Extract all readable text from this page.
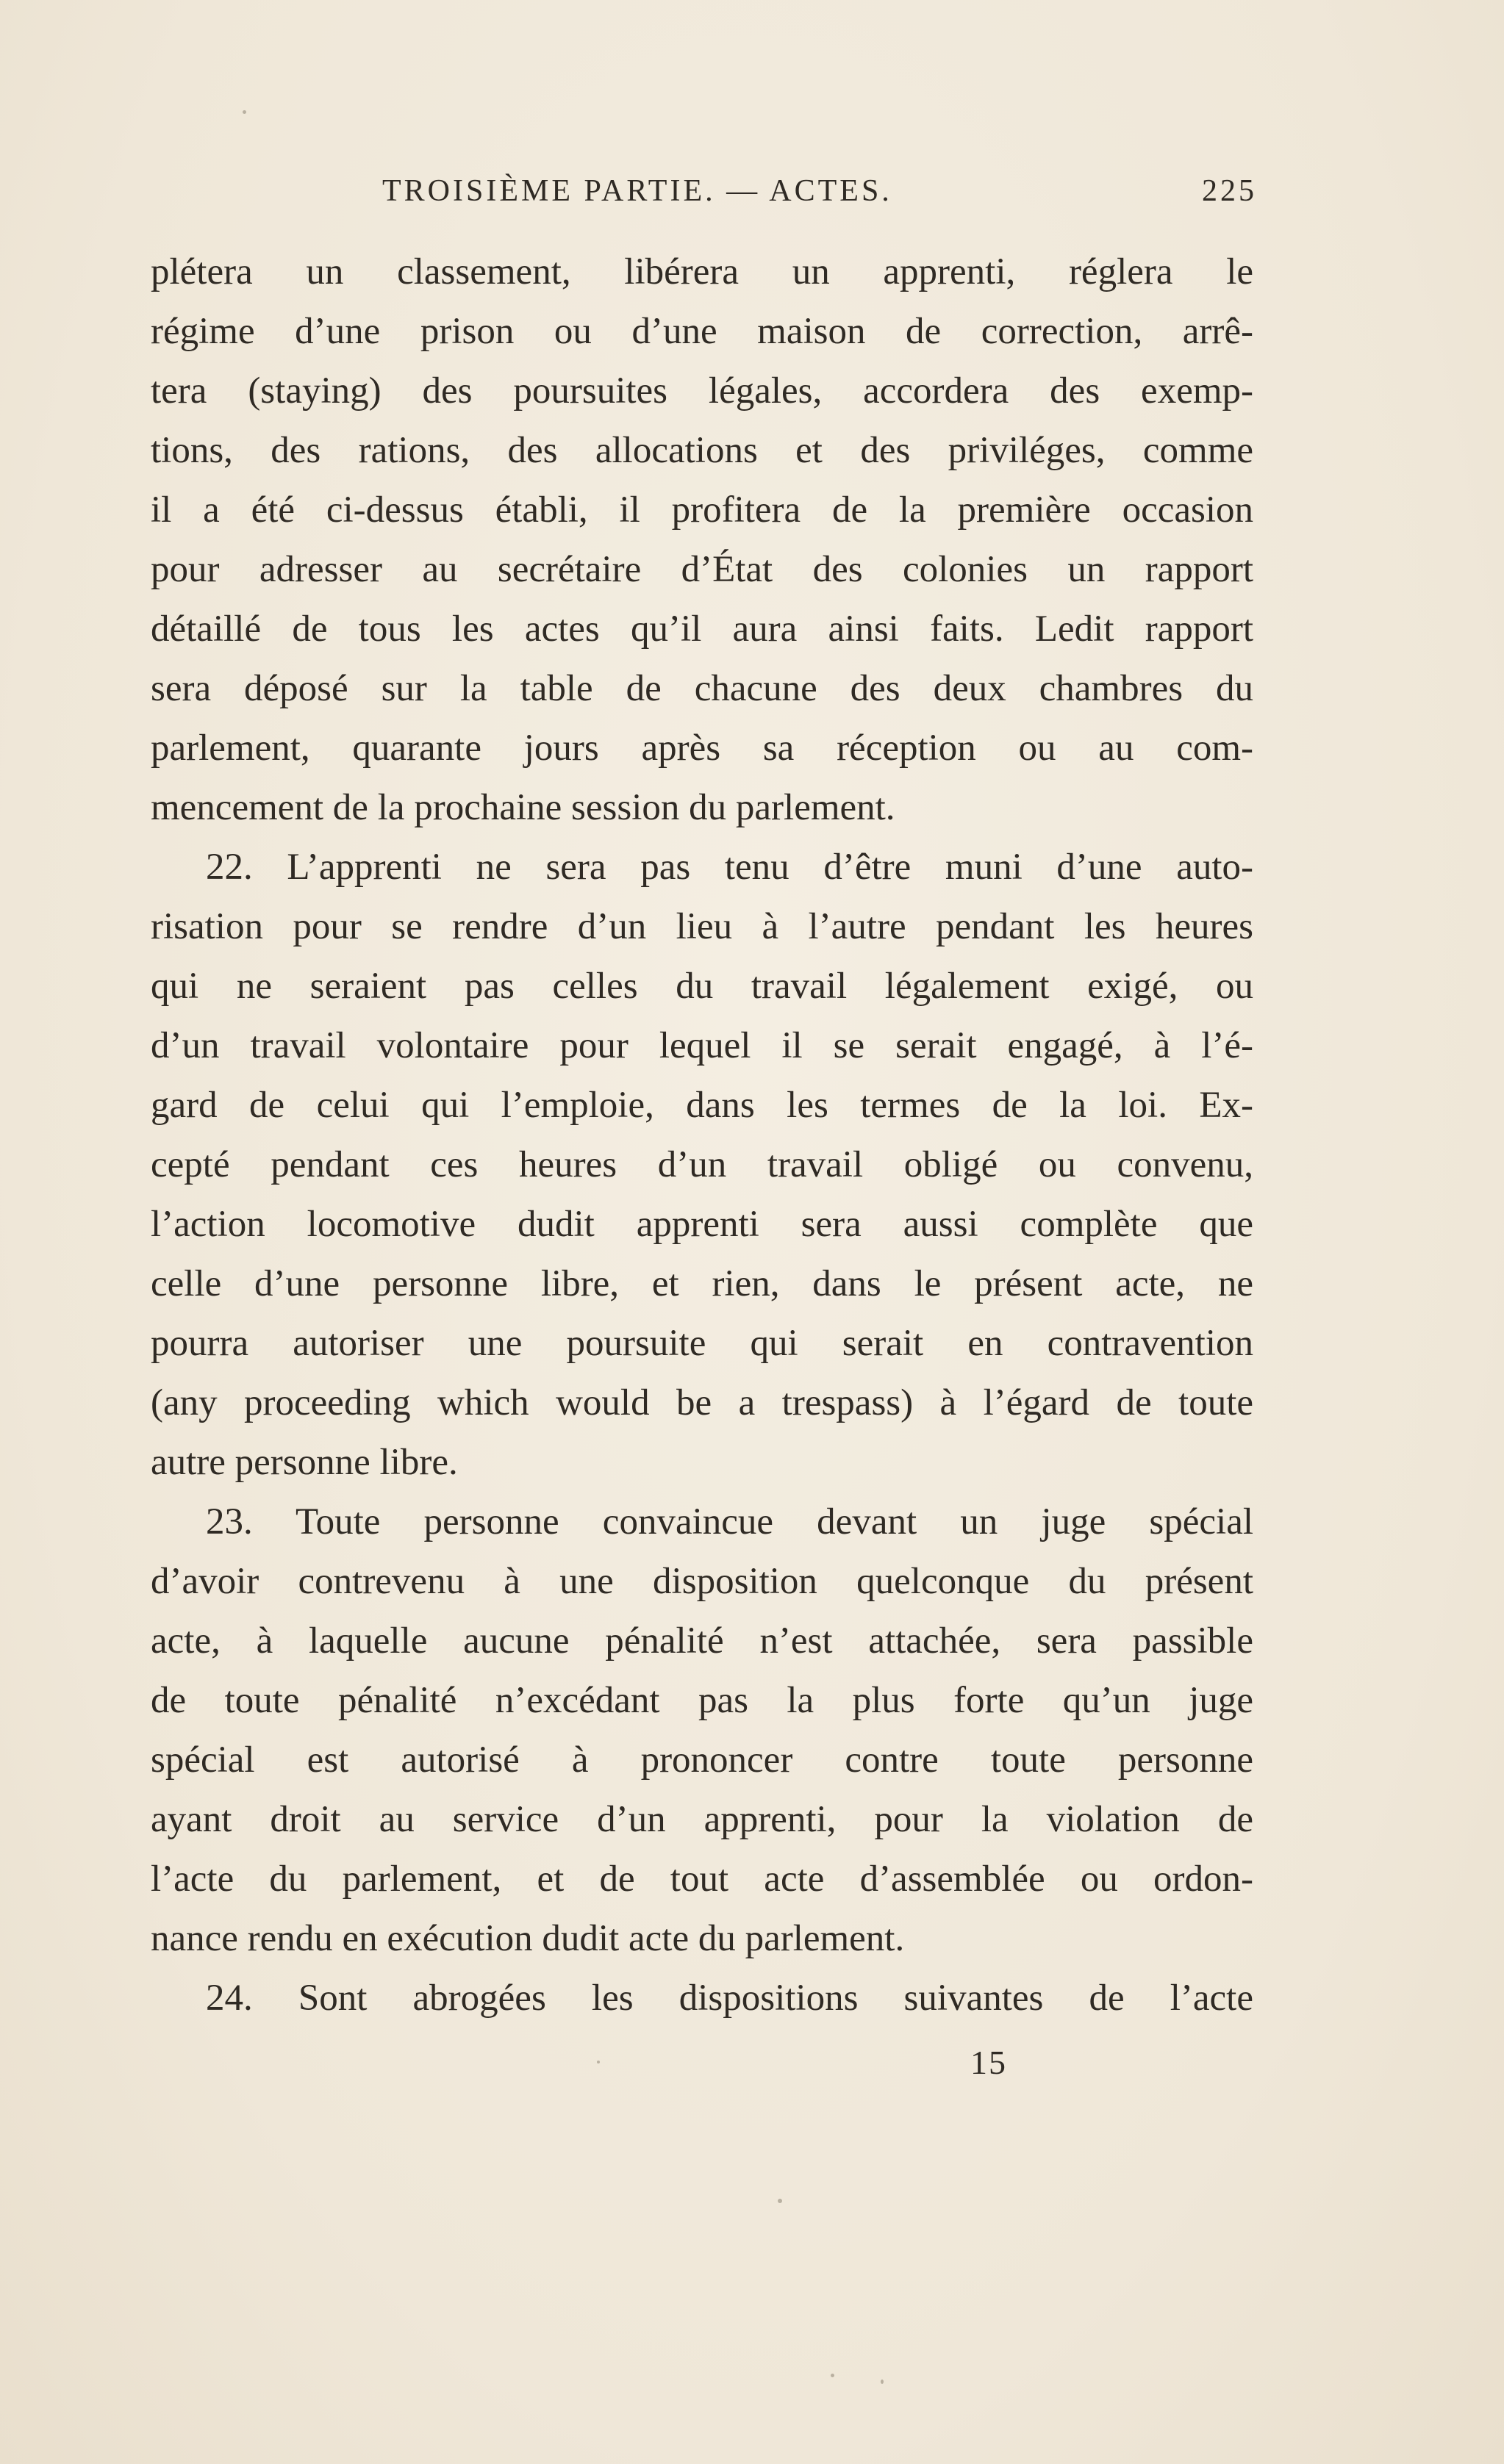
TROISIÈME PARTIE. — ACTES.	225
plétera un classement, libérera un apprenti, réglera le
régime d’une prison ou d’une maison de correction, arrê-
tera (staying) des poursuites légales, accordera des exemp-
tions, des rations, des allocations et des priviléges, comme
il a été ci-dessus établi, il profitera de la première occasion
pour adresser au secrétaire d’État des colonies un rapport
détaillé de tous les actes qu’il aura ainsi faits. Ledit rapport
sera déposé sur la table de chacune des deux chambres du
parlement, quarante jours après sa réception ou au com-
mencement de la prochaine session du parlement.
22. L’apprenti ne sera pas tenu d’être muni d’une auto-
risation pour se rendre d’un lieu à l’autre pendant les heures
qui ne seraient pas celles du travail légalement exigé, ou
d’un travail volontaire pour lequel il se serait engagé, à l’é-
gard de celui qui l’emploie, dans les termes de la loi. Ex-
cepté pendant ces heures d’un travail obligé ou convenu,
l’action locomotive dudit apprenti sera aussi complète que
celle d’une personne libre, et rien, dans le présent acte, ne
pourra autoriser une poursuite qui serait en contravention
(any proceeding which would be a trespass) à l’égard de toute
autre personne libre.
23. Toute personne convaincue devant un juge spécial
d’avoir contrevenu à une disposition quelconque du présent
acte, à laquelle aucune pénalité n’est attachée, sera passible
de toute pénalité n’excédant pas la plus forte qu’un juge
spécial est autorisé à prononcer contre toute personne
ayant droit au service d’un apprenti, pour la violation de
l’acte du parlement, et de tout acte d’assemblée ou ordon-
nance rendu en exécution dudit acte du parlement.
24. Sont abrogées les dispositions suivantes de l’acte
15
